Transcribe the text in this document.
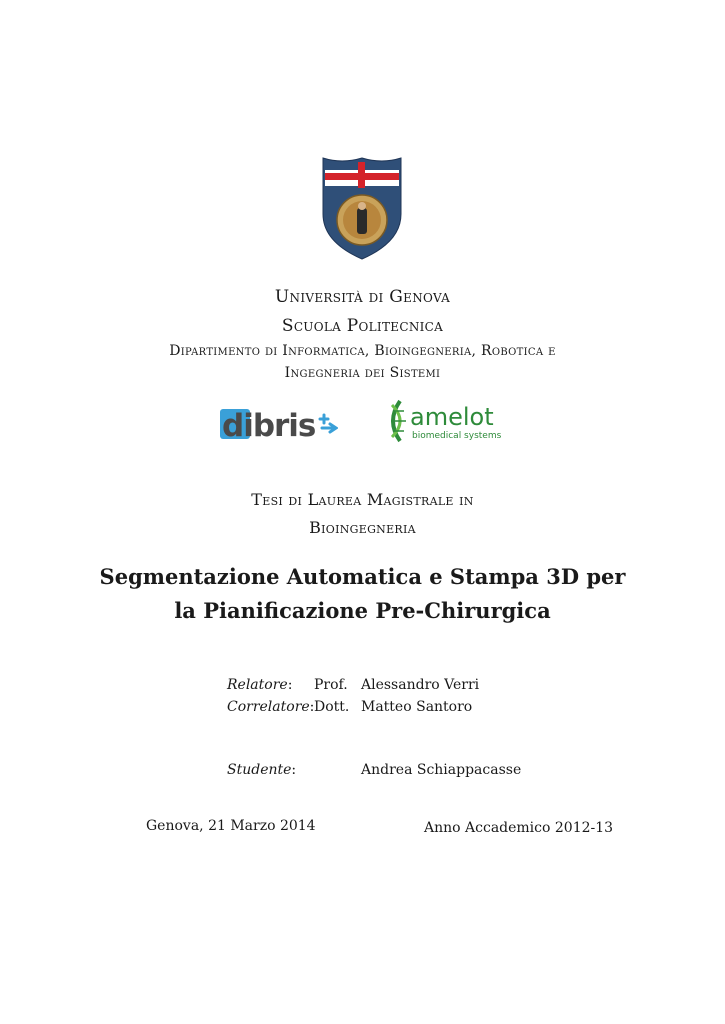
Università di Genova
Scuola Politecnica
Dipartimento di Informatica, Bioingegneria, Robotica e
Ingegneria dei Sistemi
dibris	amelot
biomedical systems
Tesi di Laurea Magistrale in
Bioingegneria
Segmentazione Automatica e Stampa 3D per
la Pianificazione Pre-Chirurgica
Relatore: Prof. Alessandro Verri
Correlatore: Dott. Matteo Santoro
Studente:	Andrea Schiappacasse
Genova, 21 Marzo 2014	Anno Accademico 2012-13
